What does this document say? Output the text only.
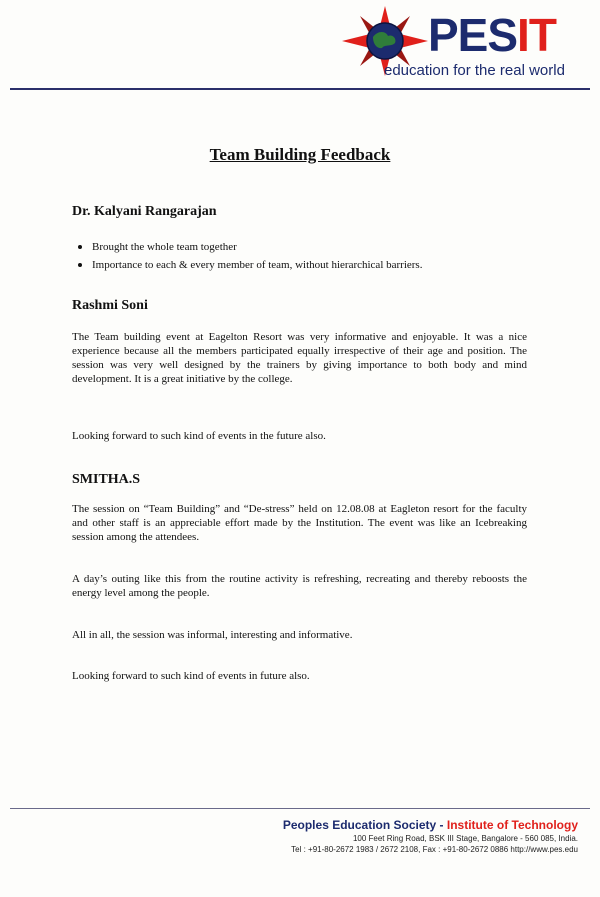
PESIT
education for the real world
Team Building Feedback
Dr. Kalyani Rangarajan
Brought the whole team together
Importance to each & every member of team, without hierarchical barriers.
Rashmi Soni
The Team building event at Eagelton Resort was very informative and enjoyable. It was a nice experience because all the members participated equally irrespective of their age and position. The session was very well designed by the trainers by giving importance to both body and mind development. It is a great initiative by the college.
Looking forward to such kind of events in the future also.
SMITHA.S
The session on “Team Building” and “De-stress” held on 12.08.08 at Eagleton resort for the faculty and other staff is an appreciable effort made by the Institution. The event was like an Icebreaking session among the attendees.
A day’s outing like this from the routine activity is refreshing, recreating and thereby reboosts the energy level among the people.
All in all, the session was informal, interesting and informative.
Looking forward to such kind of events in future also.
Peoples Education Society - Institute of Technology
100 Feet Ring Road, BSK III Stage, Bangalore - 560 085, India.
Tel : +91-80-2672 1983 / 2672 2108, Fax : +91-80-2672 0886 http://www.pes.edu
